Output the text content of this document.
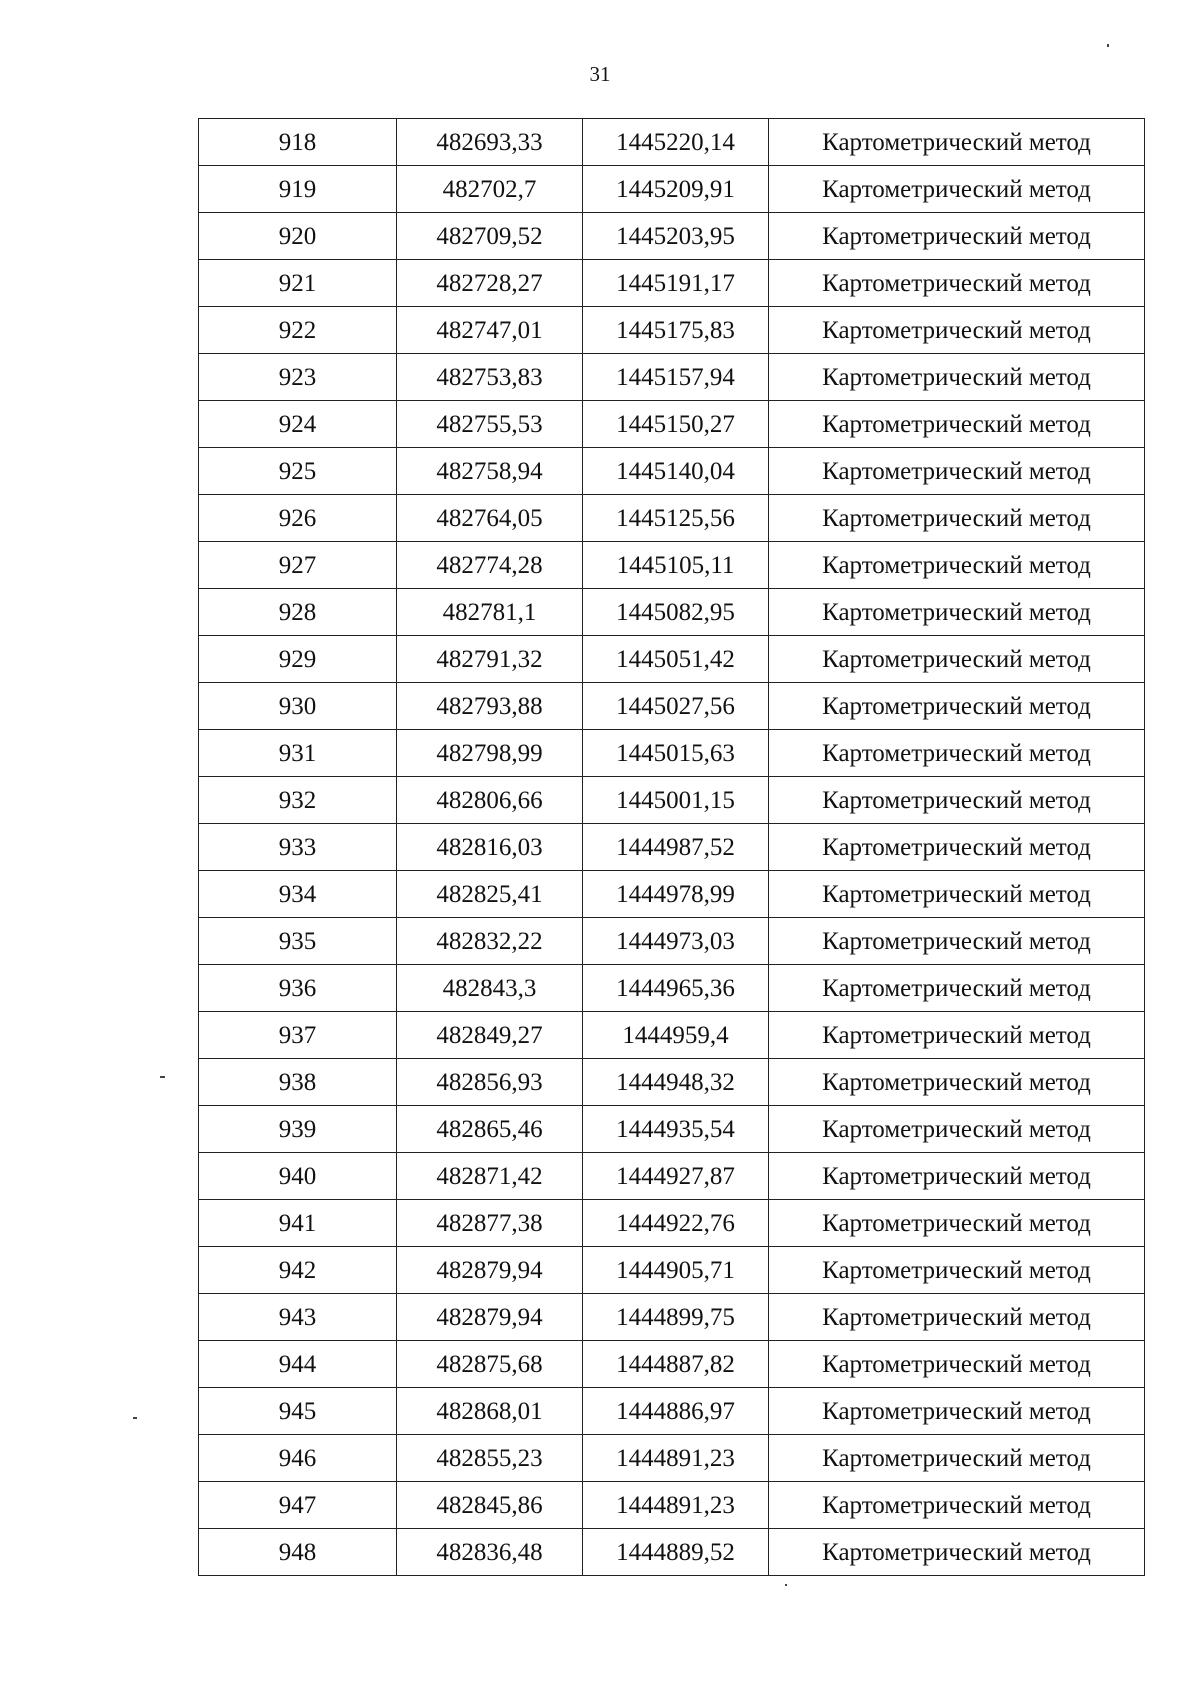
31
918	482693,33	1445220,14	Картометрический метод
919	482702,7	1445209,91	Картометрический метод
920	482709,52	1445203,95	Картометрический метод
921	482728,27	1445191,17	Картометрический метод
922	482747,01	1445175,83	Картометрический метод
923	482753,83	1445157,94	Картометрический метод
924	482755,53	1445150,27	Картометрический метод
925	482758,94	1445140,04	Картометрический метод
926	482764,05	1445125,56	Картометрический метод
927	482774,28	1445105,11	Картометрический метод
928	482781,1	1445082,95	Картометрический метод
929	482791,32	1445051,42	Картометрический метод
930	482793,88	1445027,56	Картометрический метод
931	482798,99	1445015,63	Картометрический метод
932	482806,66	1445001,15	Картометрический метод
933	482816,03	1444987,52	Картометрический метод
934	482825,41	1444978,99	Картометрический метод
935	482832,22	1444973,03	Картометрический метод
936	482843,3	1444965,36	Картометрический метод
937	482849,27	1444959,4	Картометрический метод
938	482856,93	1444948,32	Картометрический метод
939	482865,46	1444935,54	Картометрический метод
940	482871,42	1444927,87	Картометрический метод
941	482877,38	1444922,76	Картометрический метод
942	482879,94	1444905,71	Картометрический метод
943	482879,94	1444899,75	Картометрический метод
944	482875,68	1444887,82	Картометрический метод
945	482868,01	1444886,97	Картометрический метод
946	482855,23	1444891,23	Картометрический метод
947	482845,86	1444891,23	Картометрический метод
948	482836,48	1444889,52	Картометрический метод
